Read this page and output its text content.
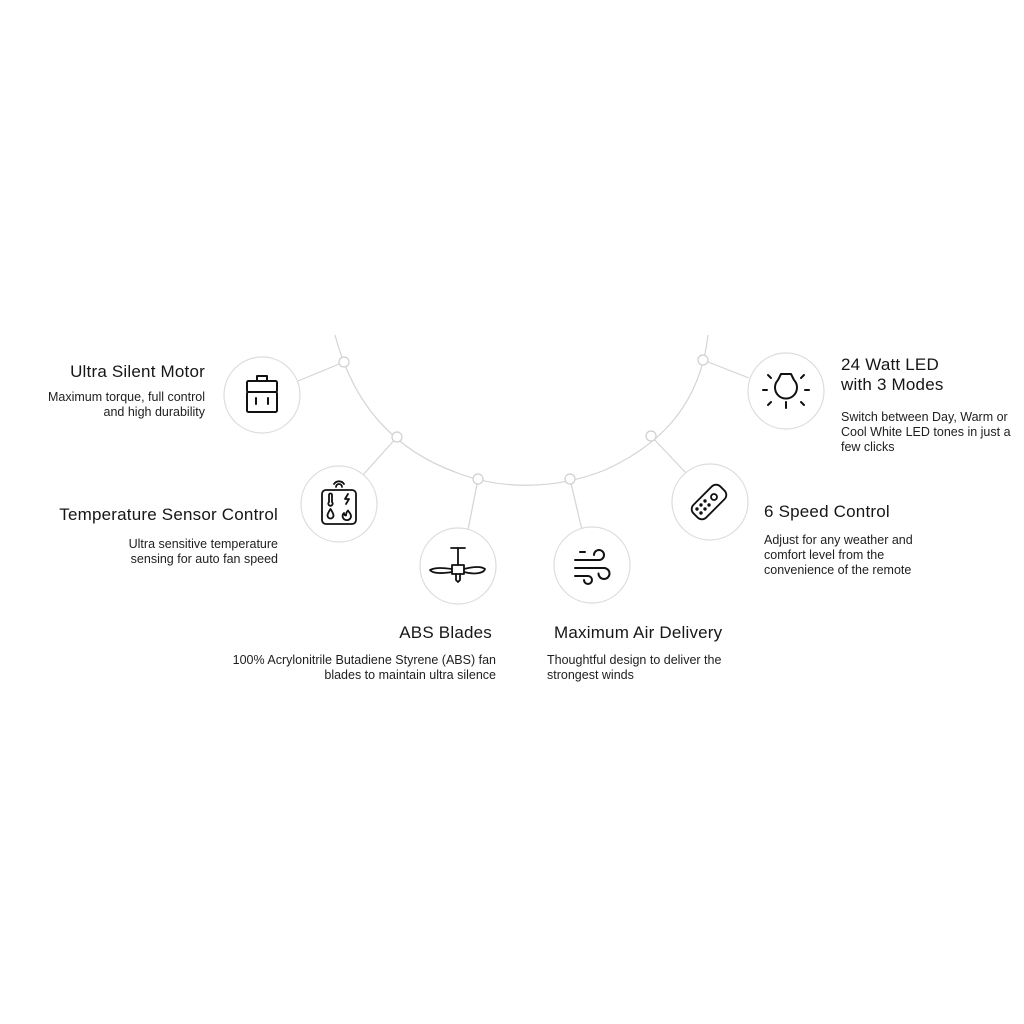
Ultra Silent Motor
Maximum torque, full control and high durability
Temperature Sensor Control
Ultra sensitive temperature sensing for auto fan speed
ABS Blades
100% Acrylonitrile Butadiene Styrene (ABS) fan blades to maintain ultra silence
Maximum Air Delivery
Thoughtful design to deliver the strongest winds
6 Speed Control
Adjust for any weather and comfort level from the convenience of the remote
24 Watt LED
with 3 Modes
Switch between Day, Warm or Cool White LED tones in just a few clicks
